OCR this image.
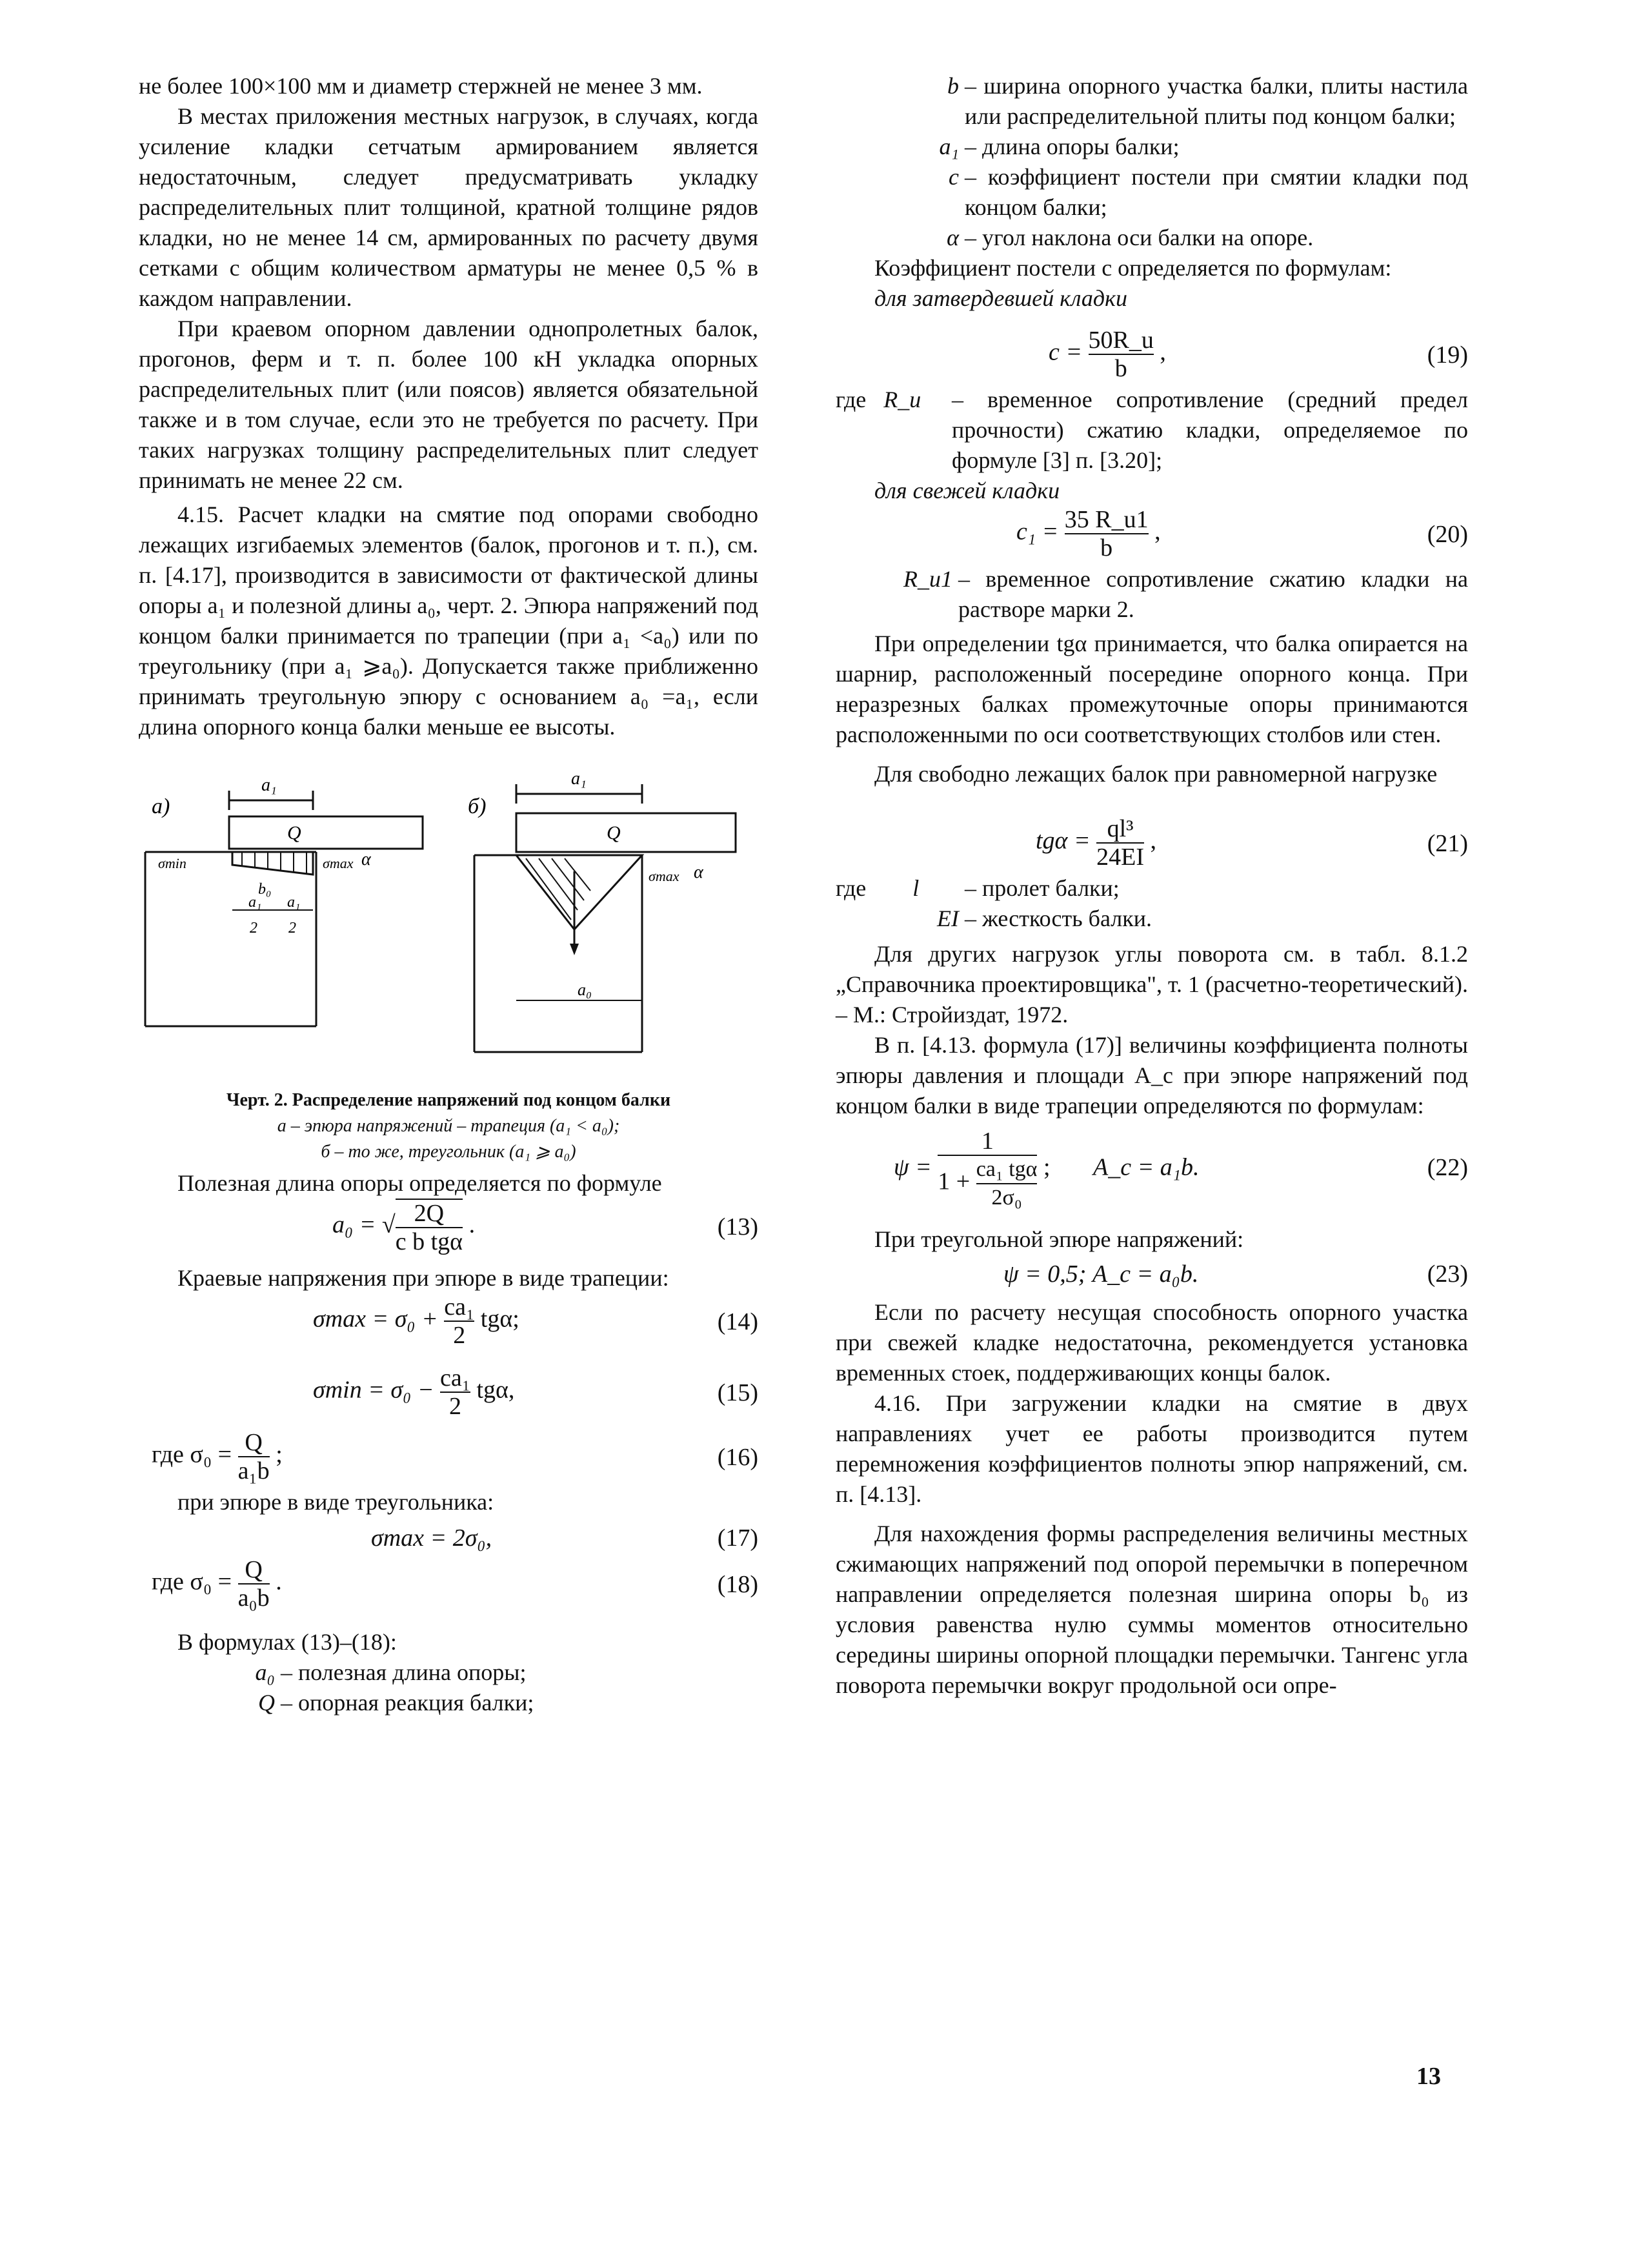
не более 100×100 мм и диаметр стержней не менее 3 мм.

В местах приложения местных нагрузок, в случаях, когда усиление кладки сетчатым армированием является недостаточным, следует предусматривать укладку распределительных плит толщиной, кратной толщине рядов кладки, но не менее 14 см, армированных по расчету двумя сетками с общим количеством арматуры не менее 0,5 % в каждом направлении.

При краевом опорном давлении однопролетных балок, прогонов, ферм и т. п. более 100 кН укладка опорных распределительных плит (или поясов) является обязательной также и в том случае, если это не требуется по расчету. При таких нагрузках толщину распределительных плит следует принимать не менее 22 см.

4.15. Расчет кладки на смятие под опорами свободно лежащих изгибаемых элементов (балок, прогонов и т. п.), см. п. [4.17], производится в зависимости от фактической длины опоры a₁ и полезной длины a₀, черт. 2. Эпюра напряжений под концом балки принимается по трапеции (при a₁ <a₀) или по треугольнику (при a₁ ⩾a₀). Допускается также приближенно принимать треугольную эпюру с основанием a₀ =a₁, если длина опорного конца балки меньше ее высоты.

а)
a₁
Q
σmin	σmax α
b₀
a₁ a₁
2 2
б)
a₁
Q
σmax α
a₀
Черт. 2. Распределение напряжений под концом балки
а – эпюра напряжений – трапеция (a₁ < a₀);
б – то же, треугольник (a₁ ⩾ a₀)

Полезная длина опоры определяется по формуле

a₀ = √ $\frac{2Q}{\text{c b tgα}}$ .	(13)

Краевые напряжения при эпюре в виде трапеции:

$\sigma\max = \sigma_0 + \frac{\text{ca₁}}{2} tg\alpha$;	(14)
$\sigma\min = \sigma_0 - \frac{\text{ca₁}}{2} tg\alpha$,	(15)
где $\sigma_0 = \frac{Q}{\text{a₁b}}$ ;	(16)

при эпюре в виде треугольника:

σmax = 2σ₀,	(17)
где $\sigma_0 = \frac{Q}{\text{a₀b}}$ .	(18)

В формулах (13)–(18):

a₀ – полезная длина опоры;
Q – опорная реакция балки;
b – ширина опорного участка балки, плиты настила или распределительной плиты под концом балки;
a₁ – длина опоры балки;
c – коэффициент постели при смятии кладки под концом балки;
α – угол наклона оси балки на опоре.

Коэффициент постели c определяется по формулам:

для затвердевшей кладки

$c = \frac{50R\_u}{b}$ ,	(19)
где R_u	– временное сопротивление (средний предел прочности) сжатию кладки, определяемое по формуле [3] п. [3.20];

для свежей кладки

$c_1 = \frac{35 R\_u1}{b}$ ,	(20)
R_u1 – временное сопротивление сжатию кладки на растворе марки 2.

При определении tgα принимается, что балка опирается на шарнир, расположенный посередине опорного конца. При неразрезных балках промежуточные опоры принимаются расположенными по оси соответствующих столбов или стен.

Для свободно лежащих балок при равномерной нагрузке

$tg\alpha = \frac{\text{ql³}}{24EI}$ ,	(21)
где l	– пролет балки;
EI – жесткость балки.

Для других нагрузок углы поворота см. в табл. 8.1.2 „Справочника проектировщика", т. 1 (расчетно-теоретический). – М.: Стройиздат, 1972.

В п. [4.13. формула (17)] величины коэффициента полноты эпюры давления и площади A_c при эпюре напряжений под концом балки в виде трапеции определяются по формулам:

$\psi = \frac{1}{1 + \frac{\text{ca₁ tgα}}{\text{2σ₀}}}$ ; A_c = a₁b.	(22)

При треугольной эпюре напряжений:

ψ = 0,5; A_c = a₀b.	(23)

Если по расчету несущая способность опорного участка при свежей кладке недостаточна, рекомендуется установка временных стоек, поддерживающих концы балок.

4.16. При загружении кладки на смятие в двух направлениях учет ее работы производится путем перемножения коэффициентов полноты эпюр напряжений, см. п. [4.13].

Для нахождения формы распределения величины местных сжимающих напряжений под опорой перемычки в поперечном направлении определяется полезная ширина опоры b₀ из условия равенства нулю суммы моментов относительно середины ширины опорной площадки перемычки. Тангенс угла поворота перемычки вокруг продольной оси опре-

13
